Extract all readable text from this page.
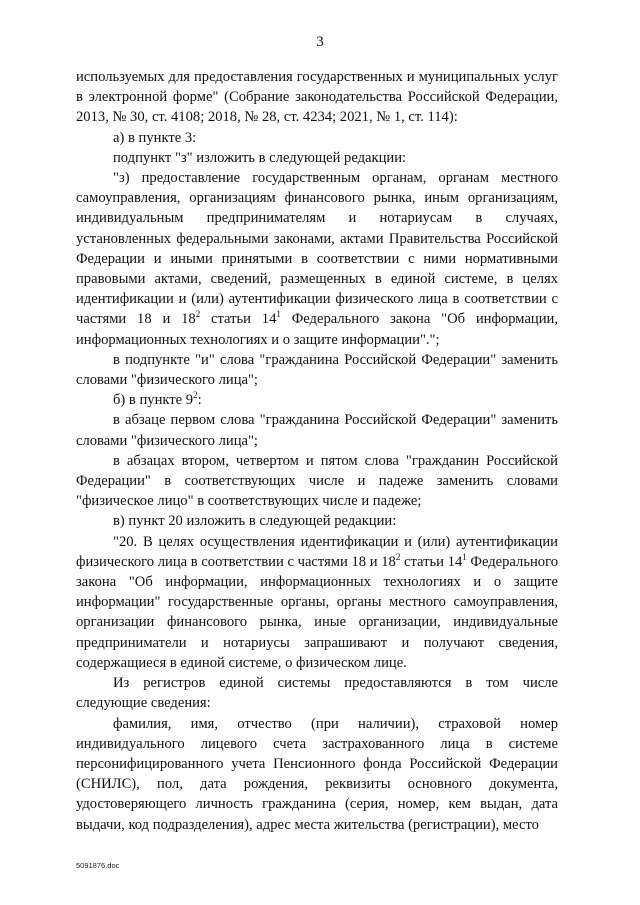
3

используемых для предоставления государственных и муниципальных услуг в электронной форме" (Собрание законодательства Российской Федерации, 2013, № 30, ст. 4108; 2018, № 28, ст. 4234; 2021, № 1, ст. 114):

а) в пункте 3:

подпункт "з" изложить в следующей редакции:

"з) предоставление государственным органам, органам местного самоуправления, организациям финансового рынка, иным организациям, индивидуальным предпринимателям и нотариусам в случаях, установленных федеральными законами, актами Правительства Российской Федерации и иными принятыми в соответствии с ними нормативными правовыми актами, сведений, размещенных в единой системе, в целях идентификации и (или) аутентификации физического лица в соответствии с частями 18 и $18^2$ статьи $14^1$ Федерального закона "Об информации, информационных технологиях и о защите информации".";

в подпункте "и" слова "гражданина Российской Федерации" заменить словами "физического лица";

б) в пункте $9^2$:

в абзаце первом слова "гражданина Российской Федерации" заменить словами "физического лица";

в абзацах втором, четвертом и пятом слова "гражданин Российской Федерации" в соответствующих числе и падеже заменить словами "физическое лицо" в соответствующих числе и падеже;

в) пункт 20 изложить в следующей редакции:

"20. В целях осуществления идентификации и (или) аутентификации физического лица в соответствии с частями 18 и $18^2$ статьи $14^1$ Федерального закона "Об информации, информационных технологиях и о защите информации" государственные органы, органы местного самоуправления, организации финансового рынка, иные организации, индивидуальные предприниматели и нотариусы запрашивают и получают сведения, содержащиеся в единой системе, о физическом лице.

Из регистров единой системы предоставляются в том числе следующие сведения:

фамилия, имя, отчество (при наличии), страховой номер индивидуального лицевого счета застрахованного лица в системе персонифицированного учета Пенсионного фонда Российской Федерации (СНИЛС), пол, дата рождения, реквизиты основного документа, удостоверяющего личность гражданина (серия, номер, кем выдан, дата выдачи, код подразделения), адрес места жительства (регистрации), место

5091876.doc
